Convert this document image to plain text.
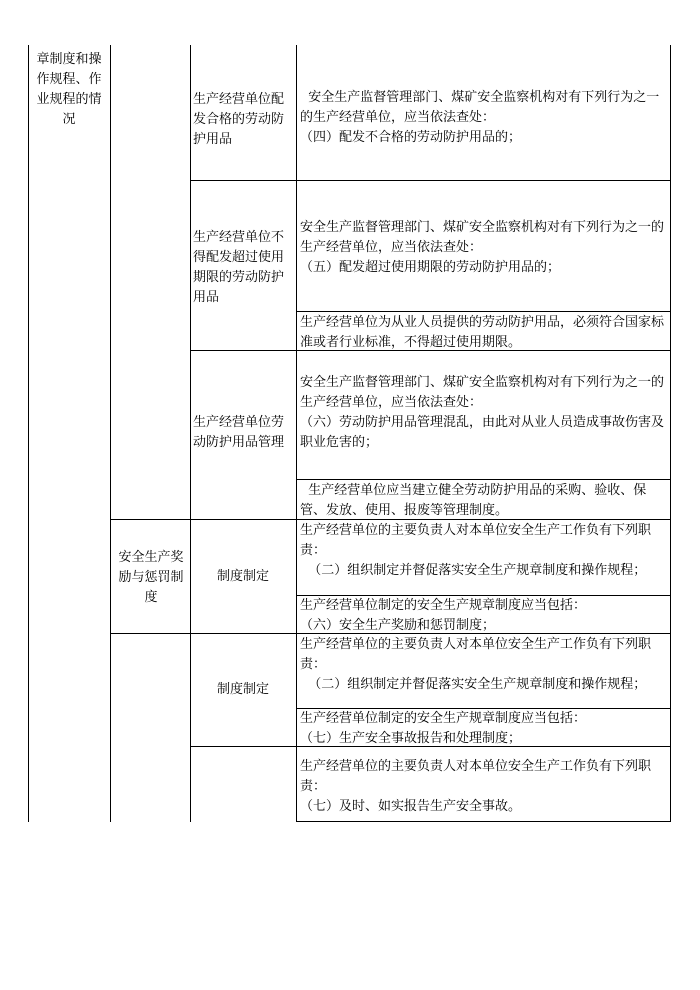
章制度和操作规程、作业规程的情况
生产经营单位配发合格的劳动防护用品
生产经营单位不得配发超过使用期限的劳动防护用品
生产经营单位劳动防护用品管理
安全生产监督管理部门、煤矿安全监察机构对有下列行为之一的生产经营单位，应当依法查处：
（四）配发不合格的劳动防护用品的；
安全生产监督管理部门、煤矿安全监察机构对有下列行为之一的生产经营单位，应当依法查处：
（五）配发超过使用期限的劳动防护用品的；
生产经营单位为从业人员提供的劳动防护用品，必须符合国家标准或者行业标准，不得超过使用期限。
安全生产监督管理部门、煤矿安全监察机构对有下列行为之一的生产经营单位，应当依法查处：
（六）劳动防护用品管理混乱，由此对从业人员造成事故伤害及职业危害的；
生产经营单位应当建立健全劳动防护用品的采购、验收、保管、发放、使用、报废等管理制度。
安全生产奖励与惩罚制度
制度制定
生产经营单位的主要负责人对本单位安全生产工作负有下列职责：
（二）组织制定并督促落实安全生产规章制度和操作规程；
生产经营单位制定的安全生产规章制度应当包括：
（六）安全生产奖励和惩罚制度；
制度制定
生产经营单位的主要负责人对本单位安全生产工作负有下列职责：
（二）组织制定并督促落实安全生产规章制度和操作规程；
生产经营单位制定的安全生产规章制度应当包括：
（七）生产安全事故报告和处理制度；
生产经营单位的主要负责人对本单位安全生产工作负有下列职责：
（七）及时、如实报告生产安全事故。
